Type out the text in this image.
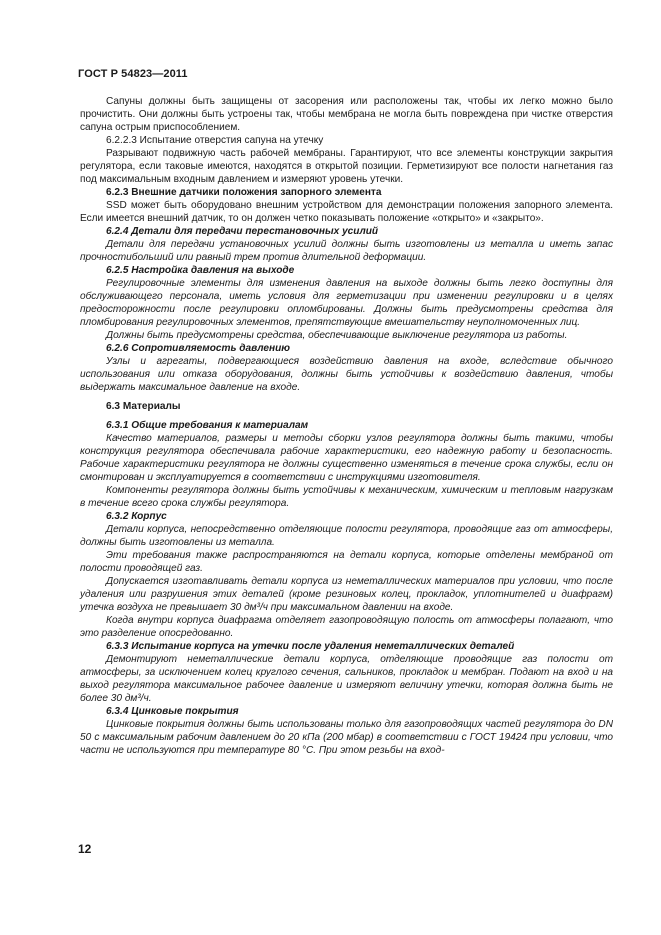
ГОСТ Р 54823—2011

Сапуны должны быть защищены от засорения или расположены так, чтобы их легко можно было прочистить. Они должны быть устроены так, чтобы мембрана не могла быть повреждена при чистке отверстия сапуна острым приспособлением.

6.2.2.3 Испытание отверстия сапуна на утечку

Разрывают подвижную часть рабочей мембраны. Гарантируют, что все элементы конструкции закрытия регулятора, если таковые имеются, находятся в открытой позиции. Герметизируют все полости нагнетания газ под максимальным входным давлением и измеряют уровень утечки.

6.2.3 Внешние датчики положения запорного элемента

SSD может быть оборудовано внешним устройством для демонстрации положения запорного элемента. Если имеется внешний датчик, то он должен четко показывать положение «открыто» и «закрыто».

6.2.4 Детали для передачи перестановочных усилий

Детали для передачи установочных усилий должны быть изготовлены из металла и иметь запас прочностибольший или равный трем против длительной деформации.

6.2.5 Настройка давления на выходе

Регулировочные элементы для изменения давления на выходе должны быть легко доступны для обслуживающего персонала, иметь условия для герметизации при изменении регулировки и в целях предосторожности после регулировки опломбированы. Должны быть предусмотрены средства для пломбирования регулировочных элементов, препятствующие вмешательству неуполномоченных лиц.

Должны быть предусмотрены средства, обеспечивающие выключение регулятора из работы.

6.2.6 Сопротивляемость давлению

Узлы и агрегаты, подвергающиеся воздействию давления на входе, вследствие обычного использования или отказа оборудования, должны быть устойчивы к воздействию давления, чтобы выдержать максимальное давление на входе.

6.3 Материалы

6.3.1 Общие требования к материалам

Качество материалов, размеры и методы сборки узлов регулятора должны быть такими, чтобы конструкция регулятора обеспечивала рабочие характеристики, его надежную работу и безопасность. Рабочие характеристики регулятора не должны существенно изменяться в течение срока службы, если он смонтирован и эксплуатируется в соответствии с инструкциями изготовителя.

Компоненты регулятора должны быть устойчивы к механическим, химическим и тепловым нагрузкам в течение всего срока службы регулятора.

6.3.2 Корпус

Детали корпуса, непосредственно отделяющие полости регулятора, проводящие газ от атмосферы, должны быть изготовлены из металла.

Эти требования также распространяются на детали корпуса, которые отделены мембраной от полости проводящей газ.

Допускается изготавливать детали корпуса из неметаллических материалов при условии, что после удаления или разрушения этих деталей (кроме резиновых колец, прокладок, уплотнителей и диафрагм) утечка воздуха не превышает 30 дм³/ч при максимальном давлении на входе.

Когда внутри корпуса диафрагма отделяет газопроводящую полость от атмосферы полагают, что это разделение опосредованно.

6.3.3 Испытание корпуса на утечки после удаления неметаллических деталей

Демонтируют неметаллические детали корпуса, отделяющие проводящие газ полости от атмосферы, за исключением колец круглого сечения, сальников, прокладок и мембран. Подают на вход и на выход регулятора максимальное рабочее давление и измеряют величину утечки, которая должна быть не более 30 дм³/ч.

6.3.4 Цинковые покрытия

Цинковые покрытия должны быть использованы только для газопроводящих частей регулятора до DN 50 с максимальным рабочим давлением до 20 кПа (200 мбар) в соответствии с ГОСТ 19424 при условии, что части не используются при температуре 80 °С. При этом резьбы на вход-

12
